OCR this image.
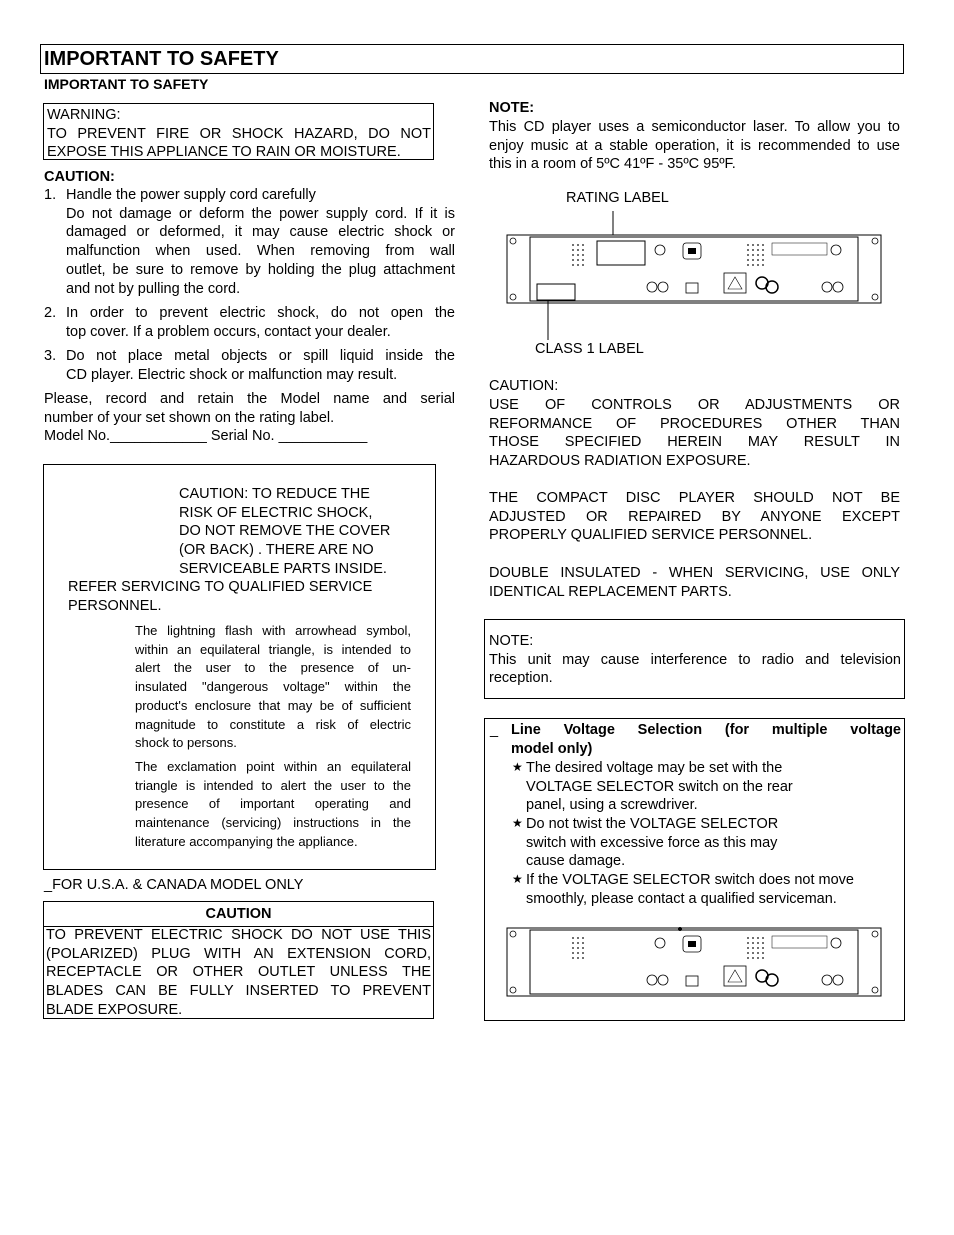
IMPORTANT TO SAFETY
IMPORTANT TO SAFETY
WARNING:
TO PREVENT FIRE OR SHOCK HAZARD, DO NOT
EXPOSE THIS APPLIANCE TO RAIN OR MOISTURE.
CAUTION:
1. Handle the power supply cord carefully
Do not damage or deform the power supply cord. If it is
damaged or deformed, it may cause electric shock or
malfunction when used. When removing from wall
outlet, be sure to remove by holding the plug attachment
and not by pulling the cord.
2. In order to prevent electric shock, do not open the
top cover. If a problem occurs, contact your dealer.
3. Do not place metal objects or spill liquid inside the
CD player. Electric shock or malfunction may result.
Please, record and retain the Model name and serial
number of your set shown on the rating label.
Model No.____________ Serial No. ___________
CAUTION: TO REDUCE THE
RISK OF ELECTRIC SHOCK,
DO NOT REMOVE THE COVER
(OR BACK) . THERE ARE NO
SERVICEABLE PARTS INSIDE.
REFER SERVICING TO QUALIFIED SERVICE
PERSONNEL.
The lightning flash with arrowhead symbol,
within an equilateral triangle, is intended to
alert the user to the presence of un-
insulated "dangerous voltage" within the
product's enclosure that may be of sufficient
magnitude to constitute a risk of electric
shock to persons.
The exclamation point within an equilateral
triangle is intended to alert the user to the
presence of important operating and
maintenance (servicing) instructions in the
literature accompanying the appliance.
_FOR U.S.A. & CANADA MODEL ONLY
CAUTION
TO PREVENT ELECTRIC SHOCK DO NOT USE THIS
(POLARIZED) PLUG WITH AN EXTENSION CORD,
RECEPTACLE OR OTHER OUTLET UNLESS THE
BLADES CAN BE FULLY INSERTED TO PREVENT
BLADE EXPOSURE.
NOTE:
This CD player uses a semiconductor laser. To allow you to
enjoy music at a stable operation, it is recommended to use
this in a room of 5ºC 41ºF - 35ºC 95ºF.
RATING LABEL
CLASS 1 LABEL
CAUTION:
USE OF CONTROLS OR ADJUSTMENTS OR
REFORMANCE OF PROCEDURES OTHER THAN
THOSE SPECIFIED HEREIN MAY RESULT IN
HAZARDOUS RADIATION EXPOSURE.
THE COMPACT DISC PLAYER SHOULD NOT BE
ADJUSTED OR REPAIRED BY ANYONE EXCEPT
PROPERLY QUALIFIED SERVICE PERSONNEL.
DOUBLE INSULATED - WHEN SERVICING, USE ONLY
IDENTICAL REPLACEMENT PARTS.
NOTE:
This unit may cause interference to radio and television
reception.
_ Line Voltage Selection (for multiple voltage
model only)
★ The desired voltage may be set with the
VOLTAGE SELECTOR switch on the rear
panel, using a screwdriver.
★ Do not twist the VOLTAGE SELECTOR
switch with excessive force as this may
cause damage.
★ If the VOLTAGE SELECTOR switch does not move
smoothly, please contact a qualified serviceman.
